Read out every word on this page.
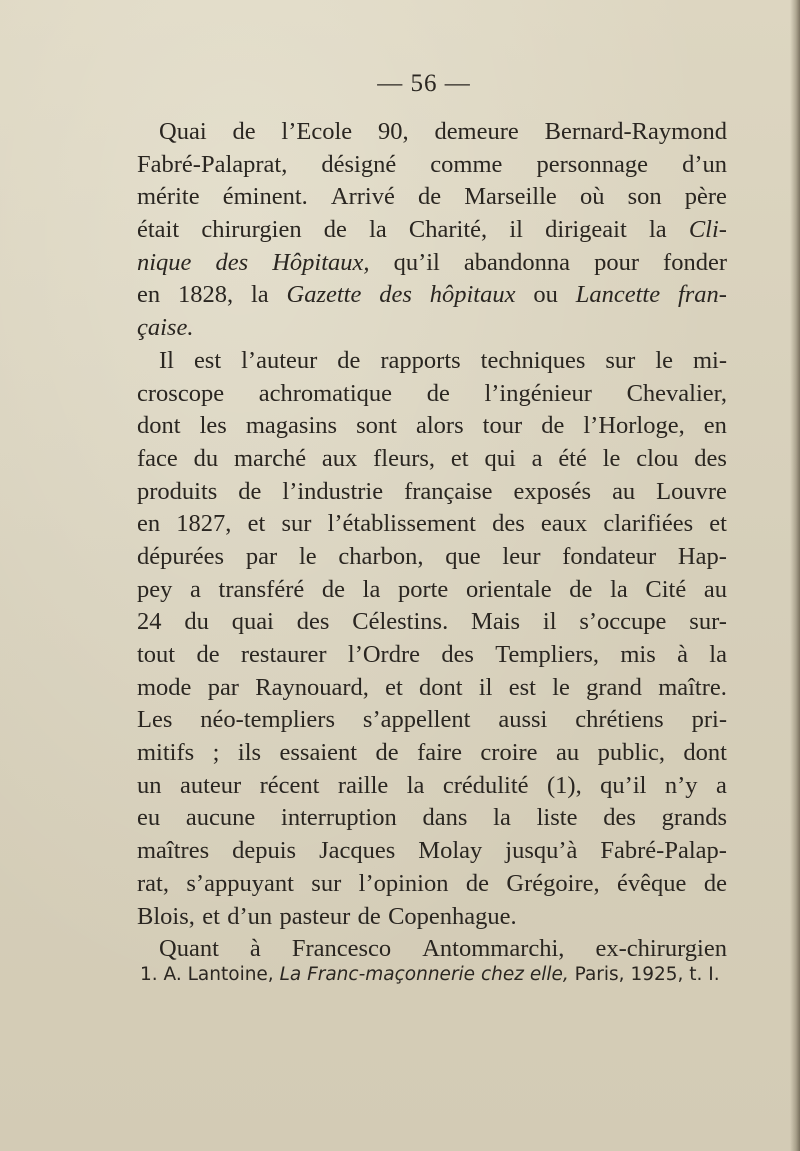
— 56 —
Quai de l’Ecole 90, demeure Bernard-Raymond
Fabré-Palaprat, désigné comme personnage d’un
mérite éminent. Arrivé de Marseille où son père
était chirurgien de la Charité, il dirigeait la Cli-
nique des Hôpitaux, qu’il abandonna pour fonder
en 1828, la Gazette des hôpitaux ou Lancette fran-
çaise.
Il est l’auteur de rapports techniques sur le mi-
croscope achromatique de l’ingénieur Chevalier,
dont les magasins sont alors tour de l’Horloge, en
face du marché aux fleurs, et qui a été le clou des
produits de l’industrie française exposés au Louvre
en 1827, et sur l’établissement des eaux clarifiées et
dépurées par le charbon, que leur fondateur Hap-
pey a transféré de la porte orientale de la Cité au
24 du quai des Célestins. Mais il s’occupe sur-
tout de restaurer l’Ordre des Templiers, mis à la
mode par Raynouard, et dont il est le grand maître.
Les néo-templiers s’appellent aussi chrétiens pri-
mitifs ; ils essaient de faire croire au public, dont
un auteur récent raille la crédulité (1), qu’il n’y a
eu aucune interruption dans la liste des grands
maîtres depuis Jacques Molay jusqu’à Fabré-Palap-
rat, s’appuyant sur l’opinion de Grégoire, évêque de
Blois, et d’un pasteur de Copenhague.
Quant à Francesco Antommarchi, ex-chirurgien
1. A. Lantoine, La Franc-maçonnerie chez elle, Paris, 1925, t. I.
